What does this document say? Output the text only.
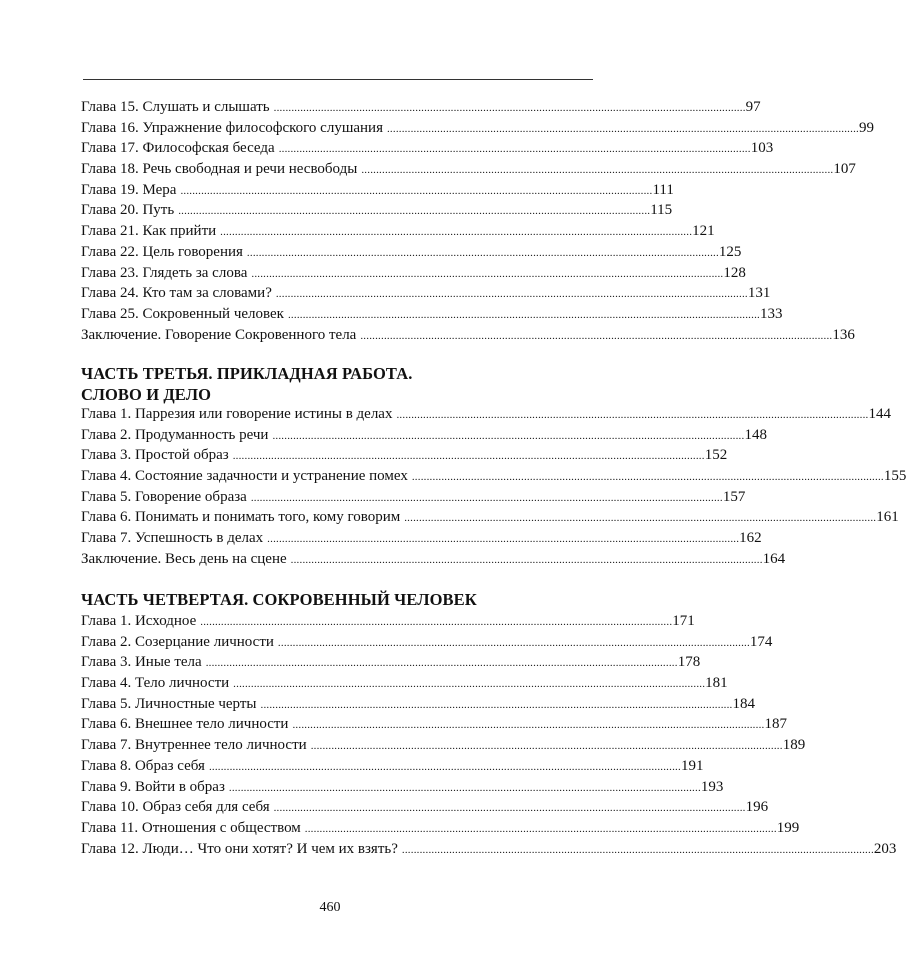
Глава 15. Слушать и слышать ................................................................................................................................................................ 97
Глава 16. Упражнение философского слушания ................................................................................................................................................................ 99
Глава 17. Философская беседа ................................................................................................................................................................ 103
Глава 18. Речь свободная и речи несвободы ................................................................................................................................................................ 107
Глава 19. Мера ................................................................................................................................................................ 111
Глава 20. Путь ................................................................................................................................................................ 115
Глава 21. Как прийти ................................................................................................................................................................ 121
Глава 22. Цель говорения ................................................................................................................................................................ 125
Глава 23. Глядеть за слова ................................................................................................................................................................ 128
Глава 24. Кто там за словами? ................................................................................................................................................................ 131
Глава 25. Сокровенный человек ................................................................................................................................................................ 133
Заключение. Говорение Сокровенного тела ................................................................................................................................................................ 136
ЧАСТЬ ТРЕТЬЯ. ПРИКЛАДНАЯ РАБОТА.
СЛОВО И ДЕЛО
Глава 1. Паррезия или говорение истины в делах ................................................................................................................................................................ 144
Глава 2. Продуманность речи ................................................................................................................................................................ 148
Глава 3. Простой образ ................................................................................................................................................................ 152
Глава 4. Состояние задачности и устранение помех ................................................................................................................................................................ 155
Глава 5. Говорение образа ................................................................................................................................................................ 157
Глава 6. Понимать и понимать того, кому говорим ................................................................................................................................................................ 161
Глава 7. Успешность в делах ................................................................................................................................................................ 162
Заключение. Весь день на сцене ................................................................................................................................................................ 164
ЧАСТЬ ЧЕТВЕРТАЯ. СОКРОВЕННЫЙ ЧЕЛОВЕК
Глава 1. Исходное ................................................................................................................................................................ 171
Глава 2. Созерцание личности ................................................................................................................................................................ 174
Глава 3. Иные тела ................................................................................................................................................................ 178
Глава 4. Тело личности ................................................................................................................................................................ 181
Глава 5. Личностные черты ................................................................................................................................................................ 184
Глава 6. Внешнее тело личности ................................................................................................................................................................ 187
Глава 7. Внутреннее тело личности ................................................................................................................................................................ 189
Глава 8. Образ себя ................................................................................................................................................................ 191
Глава 9. Войти в образ ................................................................................................................................................................ 193
Глава 10. Образ себя для себя ................................................................................................................................................................ 196
Глава 11. Отношения с обществом ................................................................................................................................................................ 199
Глава 12. Люди… Что они хотят? И чем их взять? ................................................................................................................................................................ 203
460
